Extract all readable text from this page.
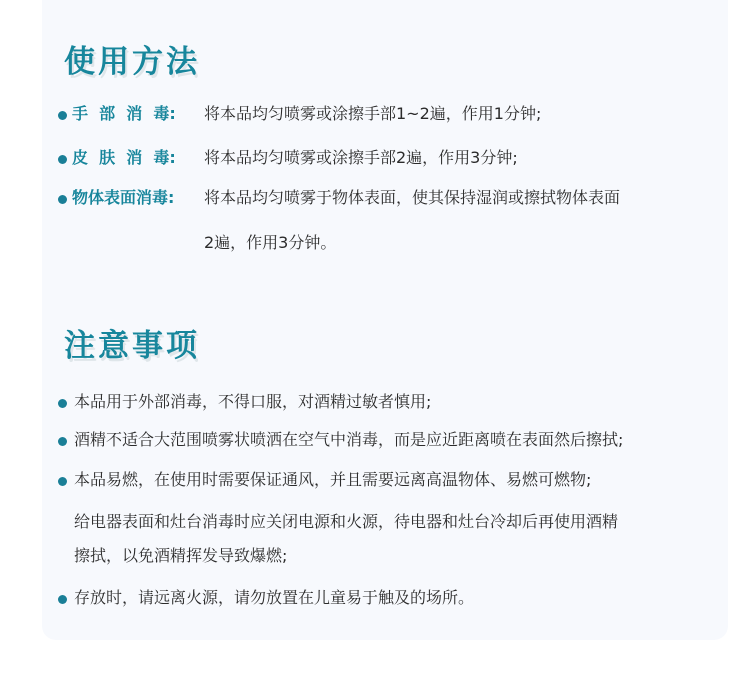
使用方法
手  部  消  毒:	将本品均匀喷雾或涂擦手部1~2遍，作用1分钟;
皮  肤  消  毒:	将本品均匀喷雾或涂擦手部2遍，作用3分钟;
物体表面消毒:	将本品均匀喷雾于物体表面，使其保持湿润或擦拭物体表面
2遍，作用3分钟。
注意事项
本品用于外部消毒，不得口服，对酒精过敏者慎用;
酒精不适合大范围喷雾状喷洒在空气中消毒，而是应近距离喷在表面然后擦拭;
本品易燃，在使用时需要保证通风，并且需要远离高温物体、易燃可燃物;
给电器表面和灶台消毒时应关闭电源和火源，待电器和灶台冷却后再使用酒精
擦拭，以免酒精挥发导致爆燃;
存放时，请远离火源，请勿放置在儿童易于触及的场所。
